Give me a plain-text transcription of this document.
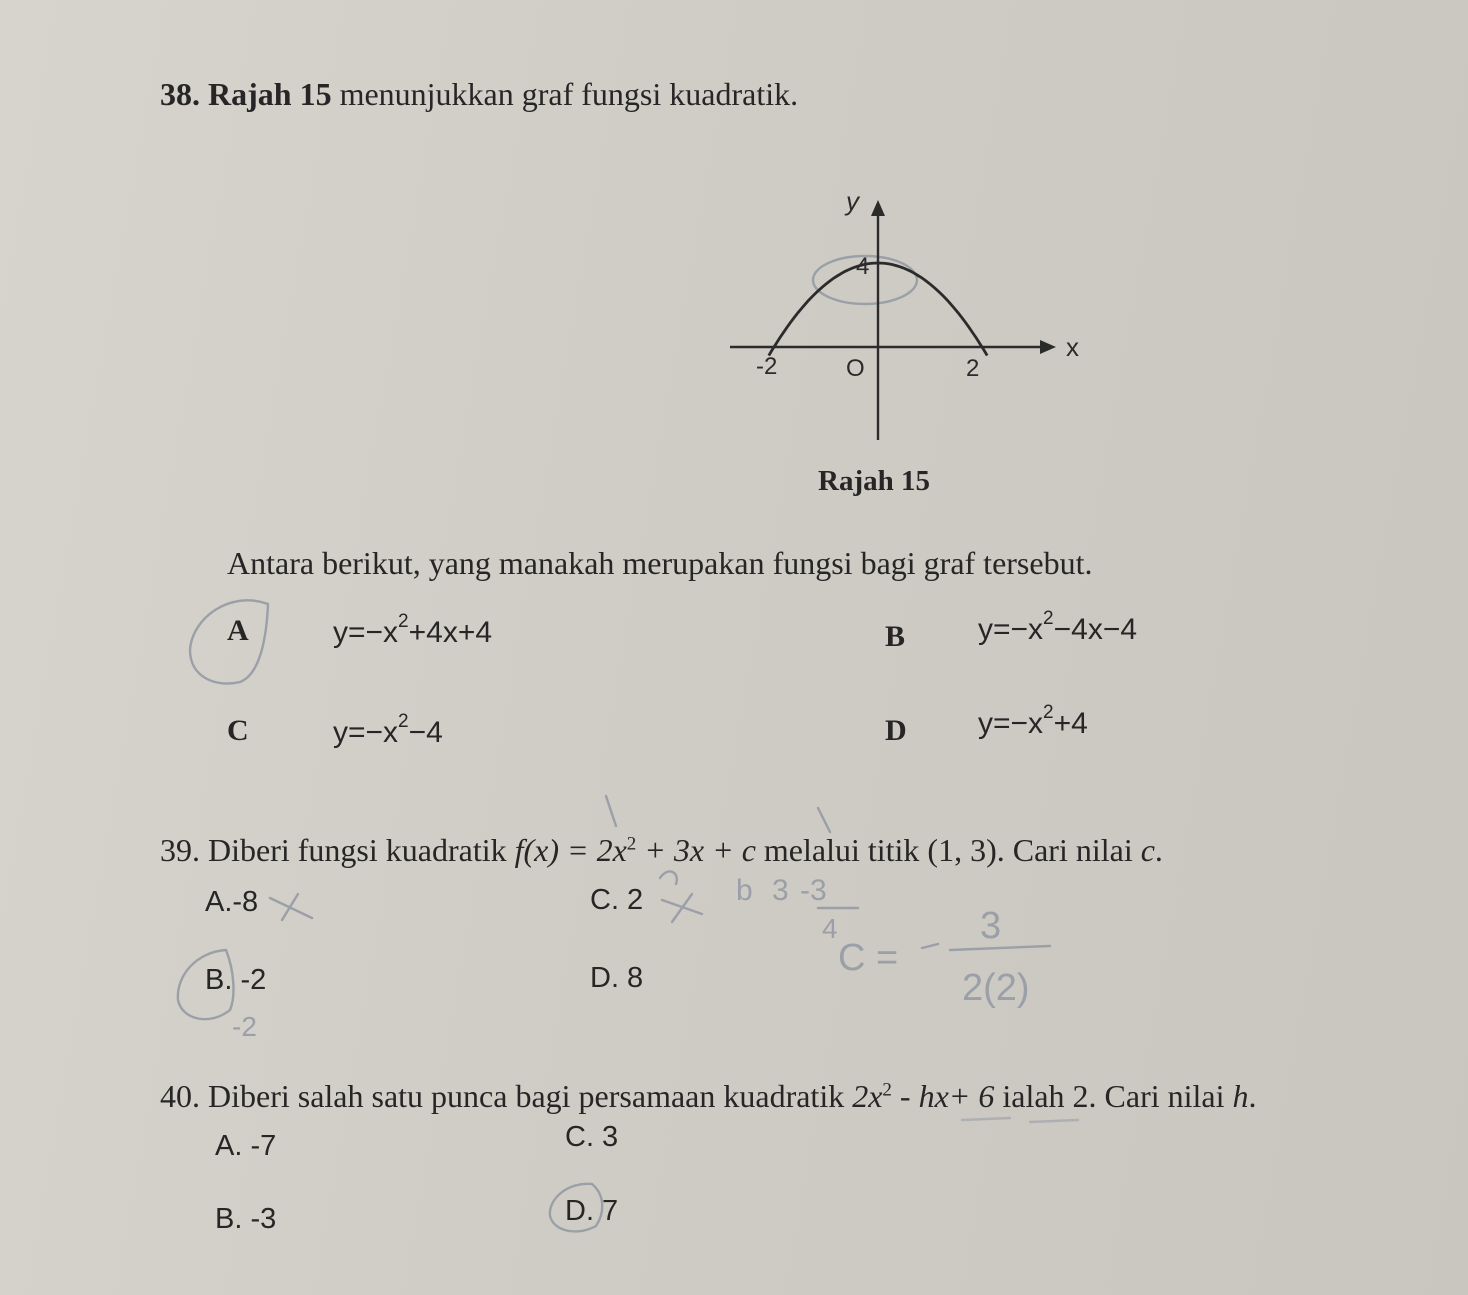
38. Rajah 15 menunjukkan graf fungsi kuadratik.
y
x
4
-2	O	2
Rajah 15
Antara berikut, yang manakah merupakan fungsi bagi graf tersebut.
A	$y=-x^2+4x+4$	B $y=-x^2-4x-4$
C	$y=-x^2-4$	D $y=-x^2+4$
39. Diberi fungsi kuadratik $f(x) = 2x^2 + 3x + c$ melalui titik (1, 3). Cari nilai c.
A.-8	C. 2
B. -2	D. 8
40. Diberi salah satu punca bagi persamaan kuadratik $2x^2 - hx+ 6$ ialah 2. Cari nilai h.
A. -7	C. 3
B. -3	D. 7
-2
b 3 -3
4
C =
3
2(2)
